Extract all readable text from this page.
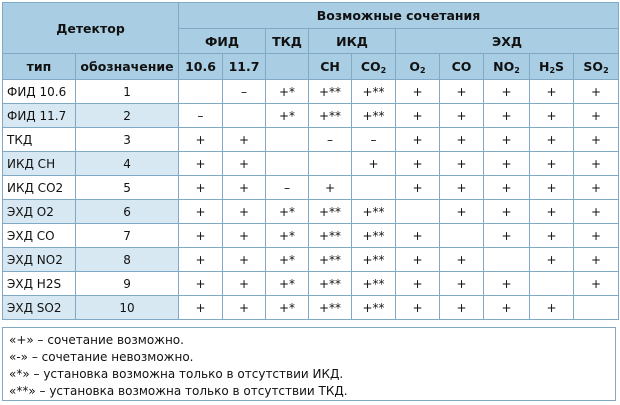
Детектор		Возможные сочетания									
		ФИД		ТКД	ИКД		ЭХД				
тип	обозначение	10.6	11.7		CH	$CO_2$	$O_2$	CO	$NO_2$	$H_2S$	$SO_2$
ФИД 10.6	1		–	+*	+**	+**	+	+	+	+	+
ФИД 11.7	2	–		+*	+**	+**	+	+	+	+	+
ТКД	3	+	+		–	–	+	+	+	+	+
ИКД CH	4	+	+			+	+	+	+	+	+
ИКД CO2	5	+	+	–	+		+	+	+	+	+
ЭХД O2	6	+	+	+*	+**	+**		+	+	+	+
ЭХД CO	7	+	+	+*	+**	+**	+		+	+	+
ЭХД NO2	8	+	+	+*	+**	+**	+	+		+	+
ЭХД H2S	9	+	+	+*	+**	+**	+	+	+		+
ЭХД SO2	10	+	+	+*	+**	+**	+	+	+	+	
«+» – сочетание возможно.
«-» – сочетание невозможно.
«*» – установка возможна только в отсутствии ИКД.
«**» – установка возможна только в отсутствии ТКД.
